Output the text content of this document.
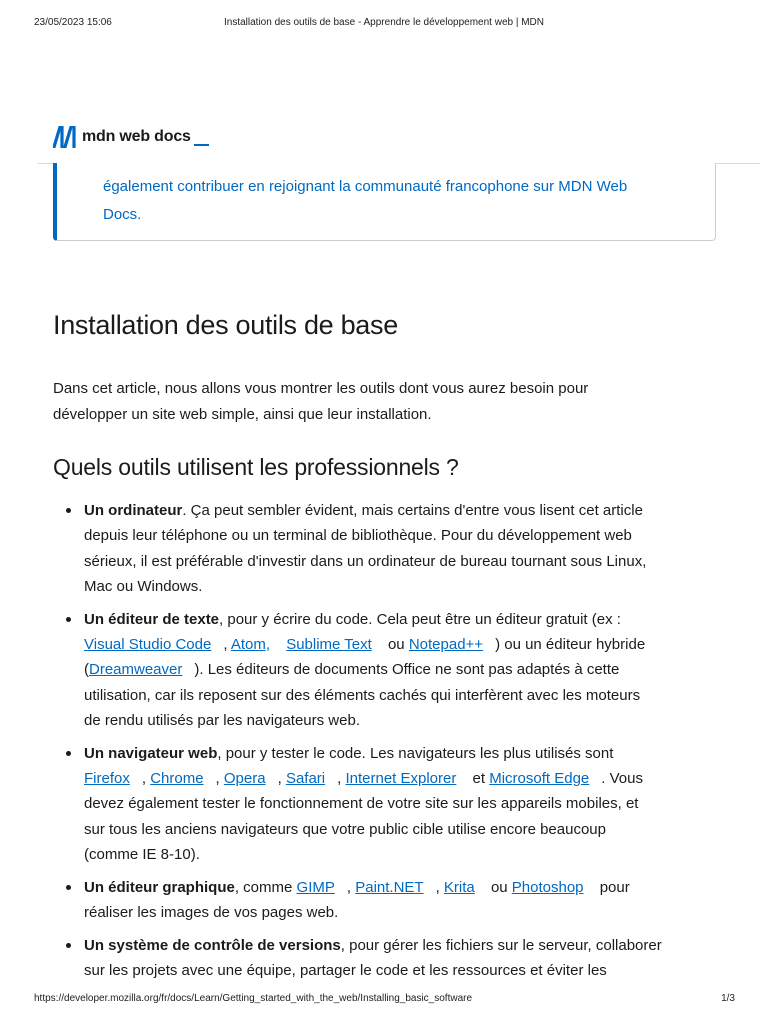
23/05/2023 15:06	Installation des outils de base - Apprendre le développement web | MDN
mdn web docs

également contribuer en rejoignant la communauté francophone sur MDN Web
Docs.

Installation des outils de base

Dans cet article, nous allons vous montrer les outils dont vous aurez besoin pour
développer un site web simple, ainsi que leur installation.

Quels outils utilisent les professionnels ?
Un ordinateur. Ça peut sembler évident, mais certains d'entre vous lisent cet article
depuis leur téléphone ou un terminal de bibliothèque. Pour du développement web
sérieux, il est préférable d'investir dans un ordinateur de bureau tournant sous Linux,
Mac ou Windows.
Un éditeur de texte, pour y écrire du code. Cela peut être un éditeur gratuit (ex :
Visual Studio Code , Atom, Sublime Text ou Notepad++ ) ou un éditeur hybride
(Dreamweaver ). Les éditeurs de documents Office ne sont pas adaptés à cette
utilisation, car ils reposent sur des éléments cachés qui interfèrent avec les moteurs
de rendu utilisés par les navigateurs web.
Un navigateur web, pour y tester le code. Les navigateurs les plus utilisés sont
Firefox , Chrome , Opera , Safari , Internet Explorer et Microsoft Edge . Vous
devez également tester le fonctionnement de votre site sur les appareils mobiles, et
sur tous les anciens navigateurs que votre public cible utilise encore beaucoup
(comme IE 8-10).
Un éditeur graphique, comme GIMP , Paint.NET , Krita ou Photoshop pour
réaliser les images de vos pages web.
Un système de contrôle de versions, pour gérer les fichiers sur le serveur, collaborer
sur les projets avec une équipe, partager le code et les ressources et éviter les
https://developer.mozilla.org/fr/docs/Learn/Getting_started_with_the_web/Installing_basic_software	1/3
